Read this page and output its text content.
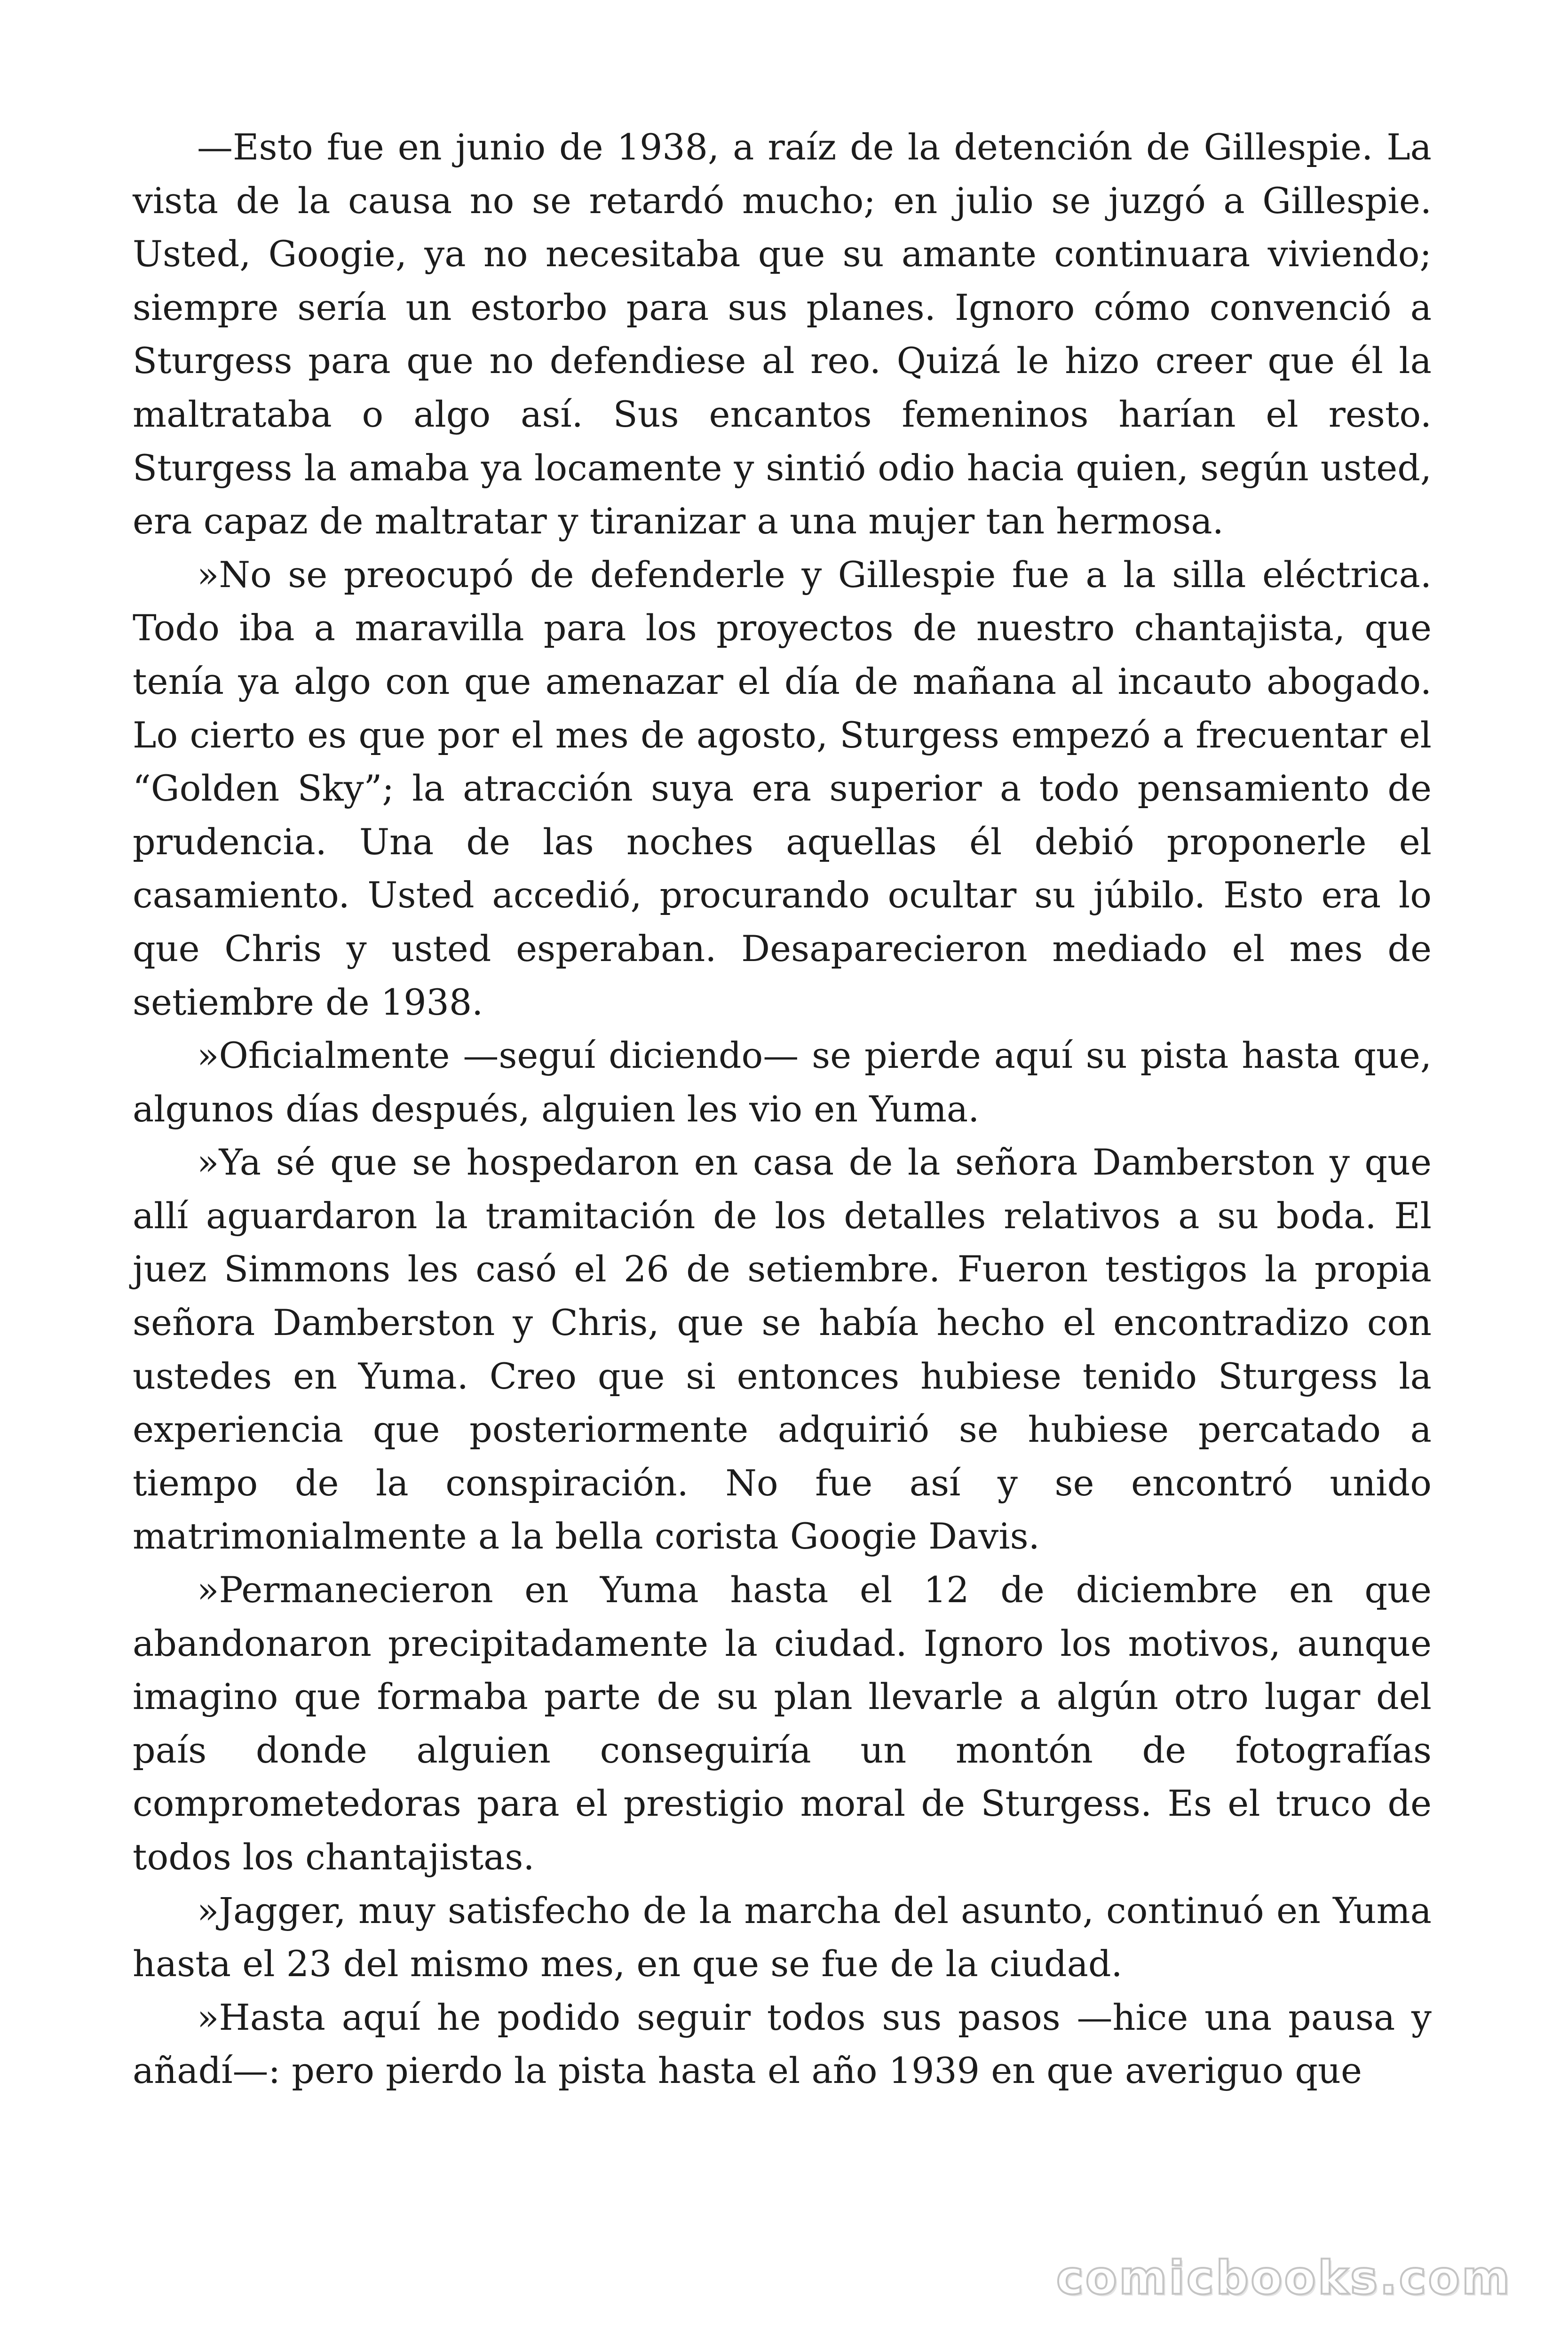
—Esto fue en junio de 1938, a raíz de la detención de Gillespie. La vista de la causa no se retardó mucho; en julio se juzgó a Gillespie. Usted, Googie, ya no necesitaba que su amante continuara viviendo; siempre sería un estorbo para sus planes. Ignoro cómo convenció a Sturgess para que no defendiese al reo. Quizá le hizo creer que él la maltrataba o algo así. Sus encantos femeninos harían el resto. Sturgess la amaba ya locamente y sintió odio hacia quien, según usted, era capaz de maltratar y tiranizar a una mujer tan hermosa.

»No se preocupó de defenderle y Gillespie fue a la silla eléctrica. Todo iba a maravilla para los proyectos de nuestro chantajista, que tenía ya algo con que amenazar el día de mañana al incauto abogado. Lo cierto es que por el mes de agosto, Sturgess empezó a frecuentar el “Golden Sky”; la atracción suya era superior a todo pensamiento de prudencia. Una de las noches aquellas él debió proponerle el casamiento. Usted accedió, procurando ocultar su júbilo. Esto era lo que Chris y usted esperaban. Desaparecieron mediado el mes de setiembre de 1938.

»Oficialmente —seguí diciendo— se pierde aquí su pista hasta que, algunos días después, alguien les vio en Yuma.

»Ya sé que se hospedaron en casa de la señora Damberston y que allí aguardaron la tramitación de los detalles relativos a su boda. El juez Simmons les casó el 26 de setiembre. Fueron testigos la propia señora Damberston y Chris, que se había hecho el encontradizo con ustedes en Yuma. Creo que si entonces hubiese tenido Sturgess la experiencia que posteriormente adquirió se hubiese percatado a tiempo de la conspiración. No fue así y se encontró unido matrimonialmente a la bella corista Googie Davis.

»Permanecieron en Yuma hasta el 12 de diciembre en que abandonaron precipitadamente la ciudad. Ignoro los motivos, aunque imagino que formaba parte de su plan llevarle a algún otro lugar del país donde alguien conseguiría un montón de fotografías comprometedoras para el prestigio moral de Sturgess. Es el truco de todos los chantajistas.

»Jagger, muy satisfecho de la marcha del asunto, continuó en Yuma hasta el 23 del mismo mes, en que se fue de la ciudad.

»Hasta aquí he podido seguir todos sus pasos —hice una pausa y añadí—: pero pierdo la pista hasta el año 1939 en que averiguo que

comicbooks.com
